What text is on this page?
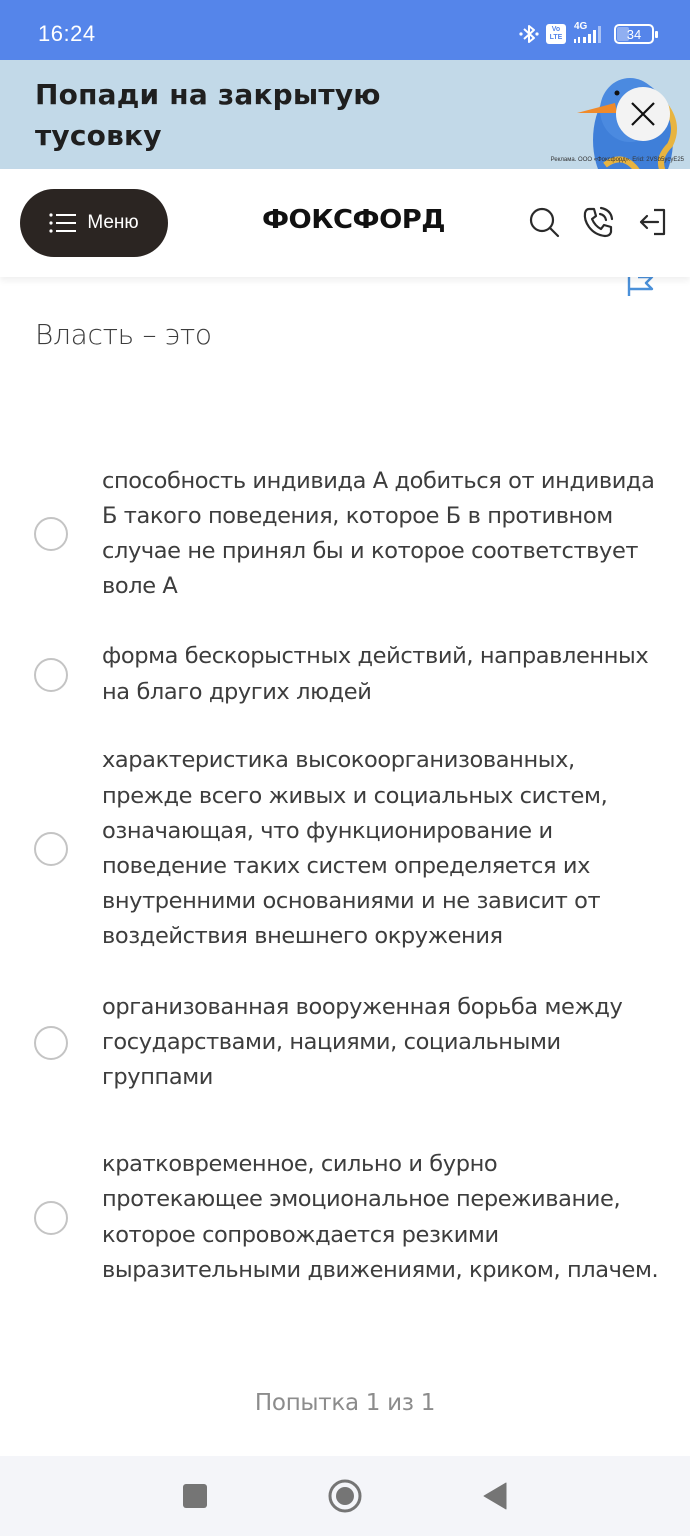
16:24	Vo LTE
4G	34
Попади на закрытую тусовку
Реклама. ООО «Фоксфорд». Erid: 2VSb5ycyE25
Меню	ФОКСФОРД
Власть – это
способность индивида А добиться от индивида Б такого поведения, которое Б в противном случае не принял бы и которое соответствует воле А
форма бескорыстных действий, направленных на благо других людей
характеристика высокоорганизованных, прежде всего живых и социальных систем, означающая, что функционирование и поведение таких систем определяется их внутренними основаниями и не зависит от воздействия внешнего окружения
организованная вооруженная борьба между государствами, нациями, социальными группами
кратковременное, сильно и бурно протекающее эмоциональное переживание, которое сопровождается резкими выразительными движениями, криком, плачем.
Попытка 1 из 1
